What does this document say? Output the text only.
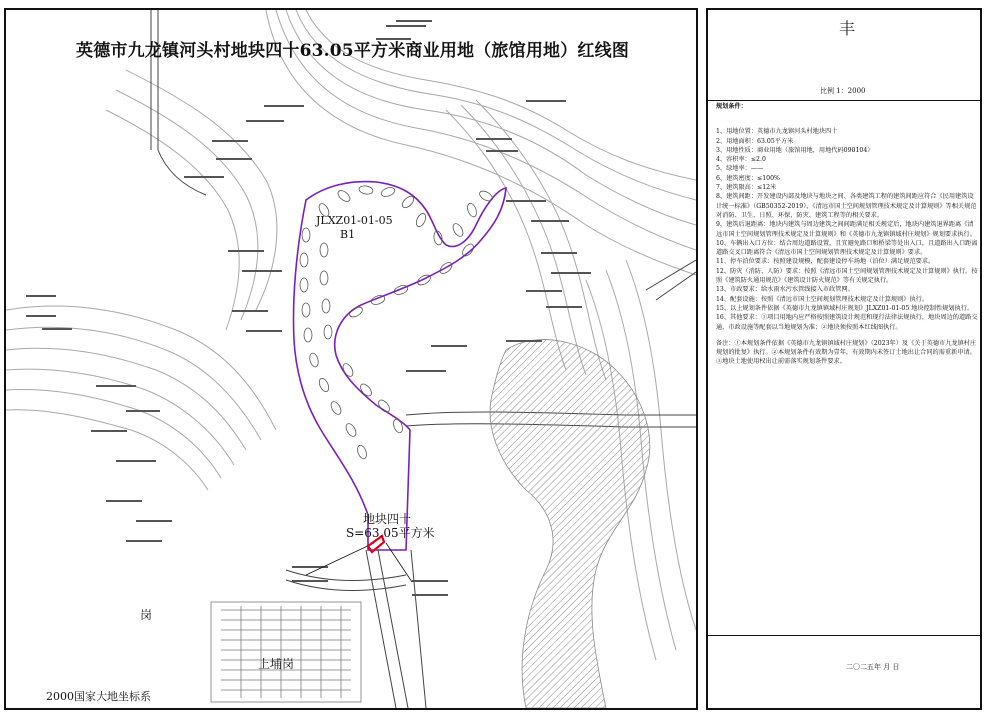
英德市九龙镇河头村地块四十63.05平方米商业用地（旅馆用地）红线图
JLXZ01-01-05
B1
地块四十
S=63.05平方米
上埔岗
岗
2000国家大地坐标系
丰
比例 1：2000
规划条件：

1、用地位置：英德市九龙镇河头村地块四十

2、用地面积：63.05平方米

3、用地性质：商业用地（旅馆用地，用地代码090104）

4、容积率：≤2.0

5、绿地率：——

6、建筑密度：≤100%

7、建筑限高：≤12米

8、建筑间距：开发建设内部及地块与地块之间、各类建筑工程的建筑间距应符合《民用建筑设计统一标准》（GB50352-2019）、《清远市国土空间规划管理技术规定及计算规则》等相关规范对消防、卫生、日照、环保、防灾、建筑工程等的相关要求。

9、建筑后退距离：地块内建筑与周边建筑之间间距满足相关规定后，地块内建筑退界距离《清远市国土空间规划管理技术规定及计算规则》和《英德市九龙镇镇域村庄规划》规划要求执行。

10、车辆出入口方位：结合周边道路设置，且宜避免路口和桥梁等处出入口，且道路出入口距离道路交叉口距离符合《清远市国土空间规划管理技术规定及计算规则》要求。

11、停车泊位要求：按照建设规模，配套建设停车场地（泊位）满足规范要求。

12、防灾（消防、人防）要求：按照《清远市国土空间规划管理技术规定及计算规则》执行。按照《建筑防火通用规范》《建筑设计防火规范》等有关规定执行。

13、市政要求：给水雨水污水管线接入市政管网。

14、配套设施：按照《清远市国土空间规划管理技术规定及计算规则》执行。

15、以上规划条件依据《英德市九龙镇镇域村庄规划》JLXZ01-01-05 地块控制性规划执行。

16、其他要求：①项目用地内应严格按照建筑设计规范和现行法律法规执行，地块周边的道路交通、市政设施等配套以当地规划为准；②地块须按照本红线图执行。

备注：①本规划条件依据《英德市九龙镇镇域村庄规划》（2023年）及《关于英德市九龙镇村庄规划的批复》执行。②本规划条件有效期为壹年，有效期内未签订土地出让合同的需重新申请。③地块土地使用权出让前需落实规划条件要求。

二〇二五年 月 日
